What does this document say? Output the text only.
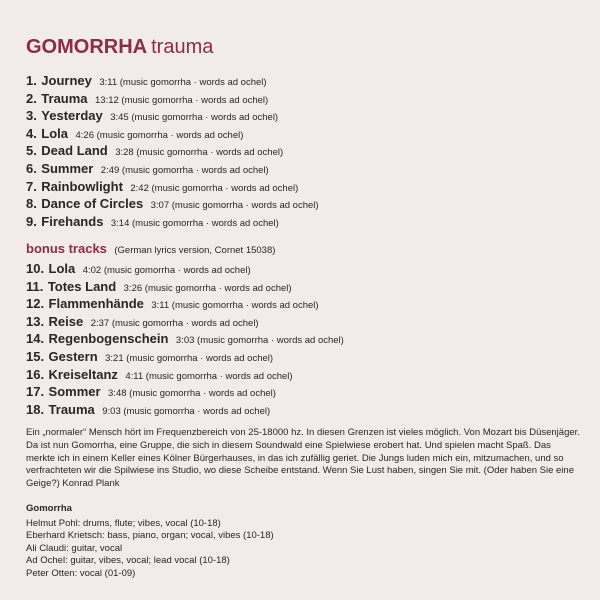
GOMORRHA trauma
1. Journey 3:11 (music gomorrha · words ad ochel)
2. Trauma 13:12 (music gomorrha · words ad ochel)
3. Yesterday 3:45 (music gomorrha · words ad ochel)
4. Lola 4:26 (music gomorrha · words ad ochel)
5. Dead Land 3:28 (music gomorrha · words ad ochel)
6. Summer 2:49 (music gomorrha · words ad ochel)
7. Rainbowlight 2:42 (music gomorrha · words ad ochel)
8. Dance of Circles 3:07 (music gomorrha · words ad ochel)
9. Firehands 3:14 (music gomorrha · words ad ochel)
bonus tracks (German lyrics version, Cornet 15038)
10. Lola 4:02 (music gomorrha · words ad ochel)
11. Totes Land 3:26 (music gomorrha · words ad ochel)
12. Flammenhände 3:11 (music gomorrha · words ad ochel)
13. Reise 2:37 (music gomorrha · words ad ochel)
14. Regenbogenschein 3:03 (music gomorrha · words ad ochel)
15. Gestern 3:21 (music gomorrha · words ad ochel)
16. Kreiseltanz 4:11 (music gomorrha · words ad ochel)
17. Sommer 3:48 (music gomorrha · words ad ochel)
18. Trauma 9:03 (music gomorrha · words ad ochel)

Ein „normaler“ Mensch hört im Frequenzbereich von 25-18000 hz. In diesen Grenzen ist vieles möglich. Von Mozart bis Düsenjäger. Da ist nun Gomorrha, eine Gruppe, die sich in diesem Soundwald eine Spielwiese erobert hat. Und spielen macht Spaß. Das merkte ich in einem Keller eines Kölner Bürgerhauses, in das ich zufällig geriet. Die Jungs luden mich ein, mitzumachen, und so verfrachteten wir die Spilwiese ins Studio, wo diese Scheibe entstand. Wenn Sie Lust haben, singen Sie mit. (Oder haben Sie eine Geige?) Konrad Plank

Gomorrha
Helmut Pohl: drums, flute; vibes, vocal (10-18)
Eberhard Krietsch: bass, piano, organ; vocal, vibes (10-18)
Ali Claudi: guitar, vocal
Ad Ochel: guitar, vibes, vocal; lead vocal (10-18)
Peter Otten: vocal (01-09)
